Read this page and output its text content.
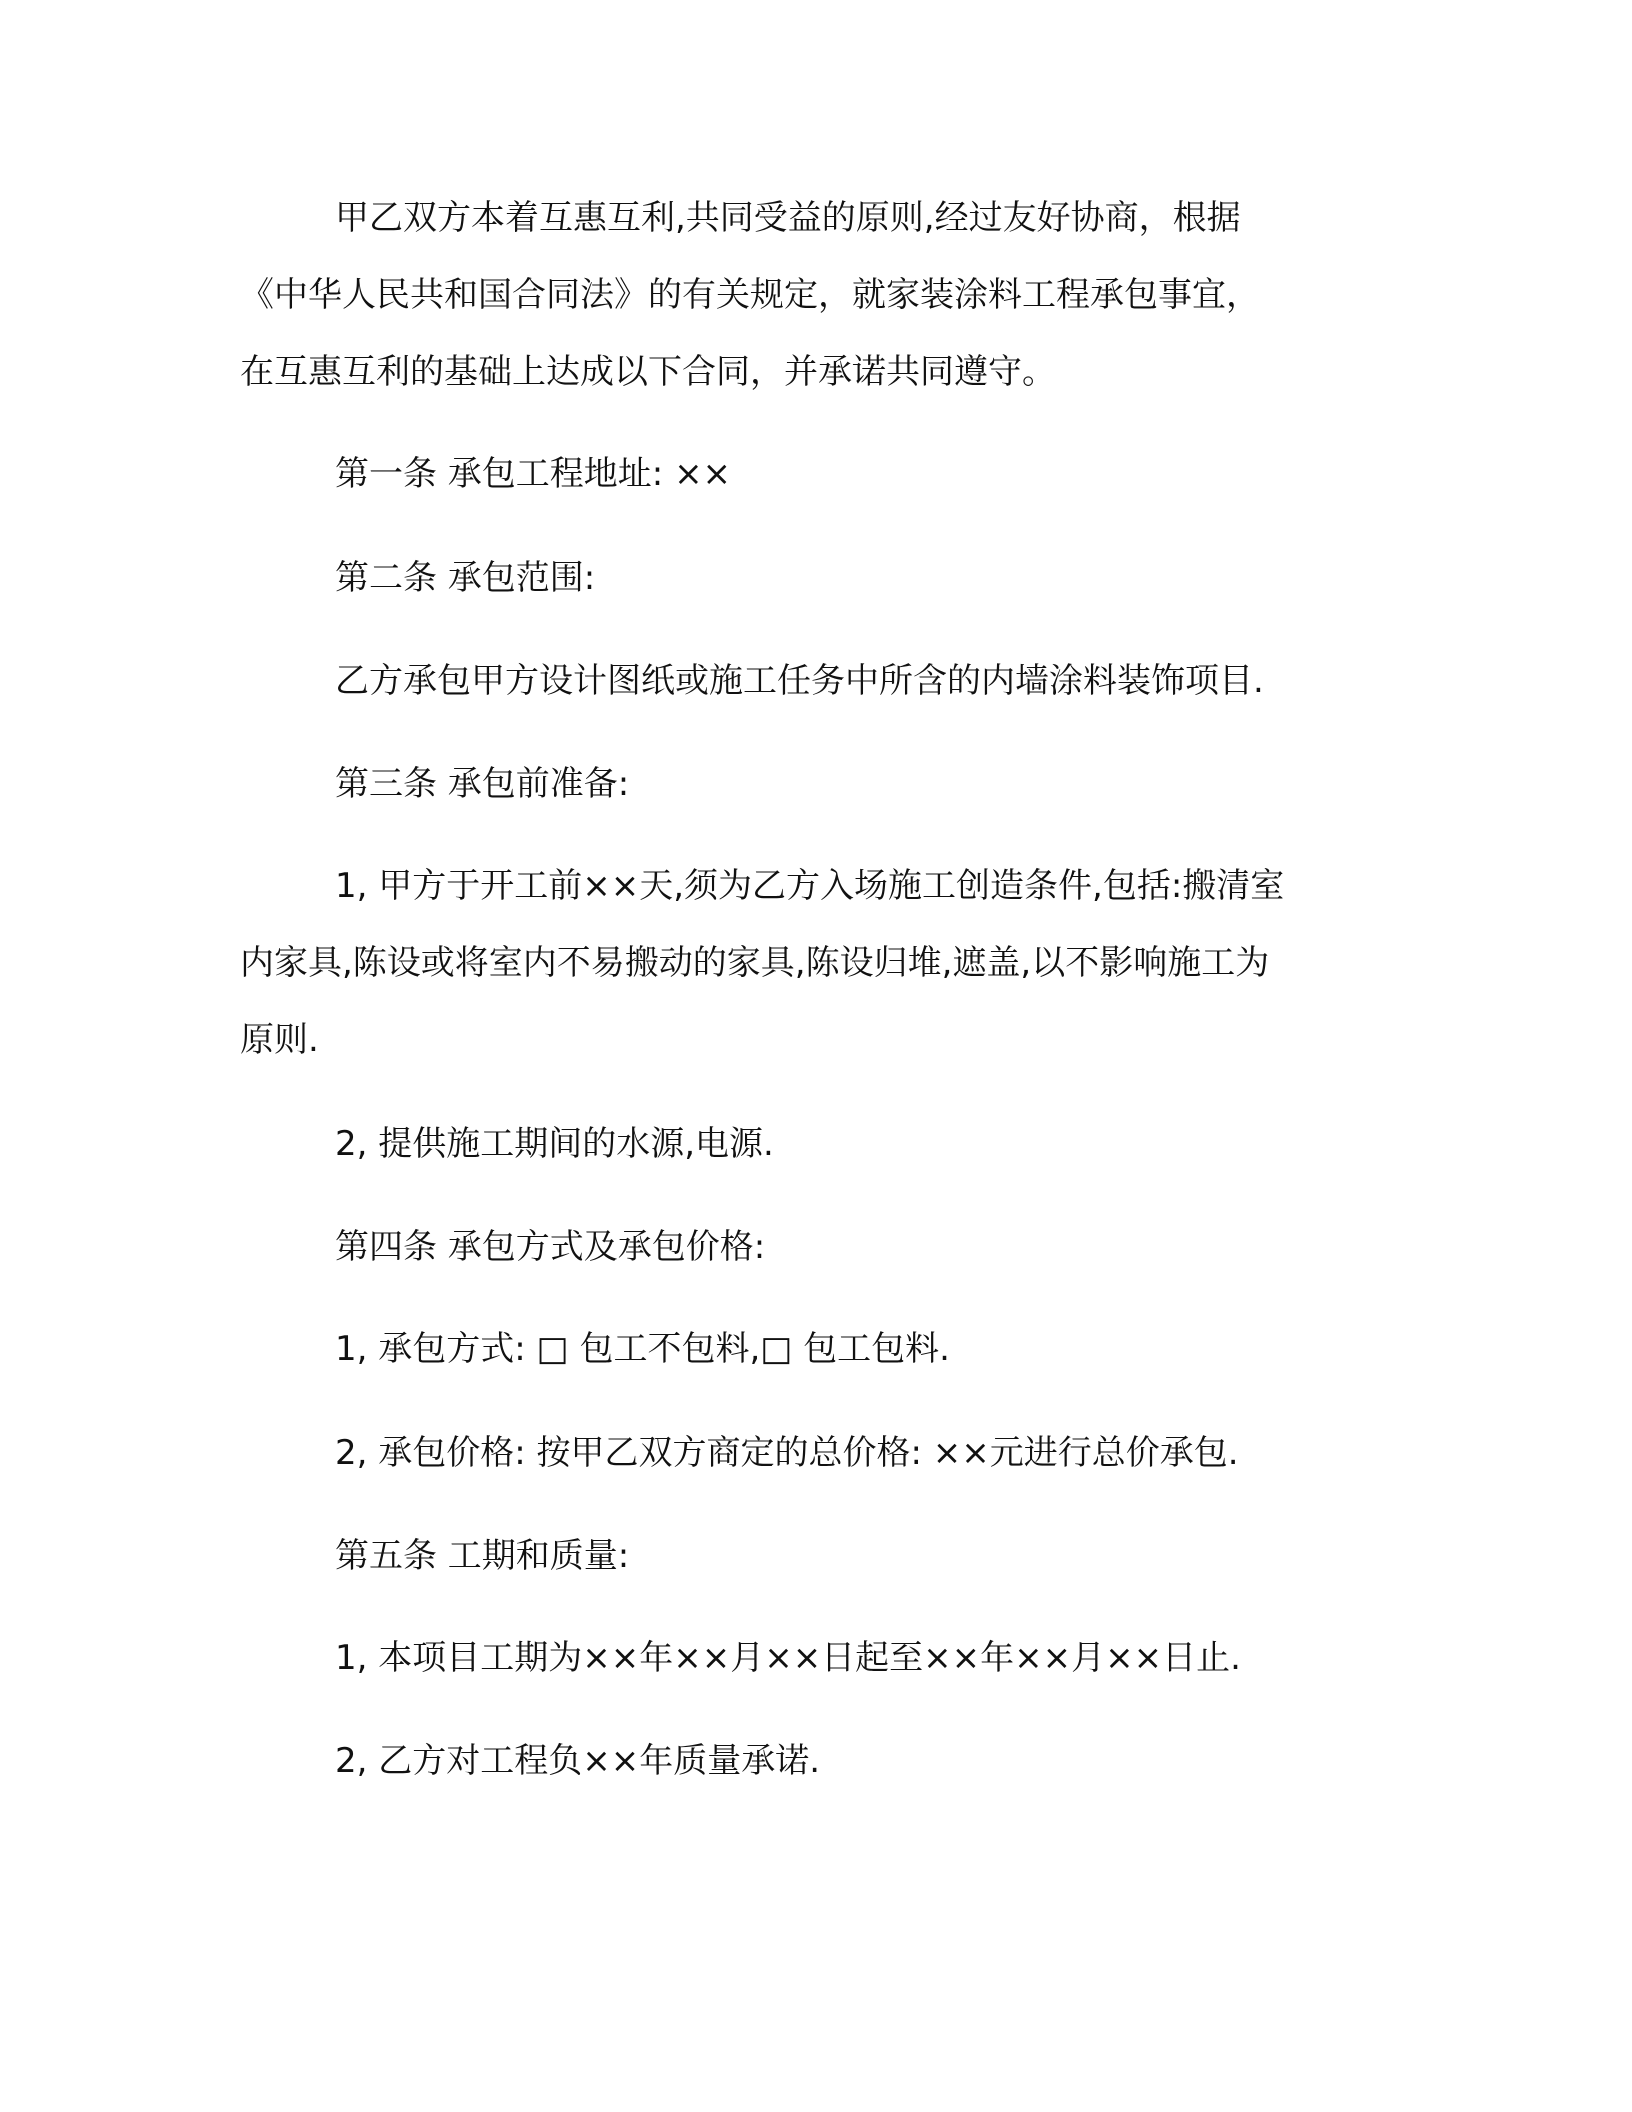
甲乙双方本着互惠互利,共同受益的原则,经过友好协商，根据
《中华人民共和国合同法》的有关规定，就家装涂料工程承包事宜，
在互惠互利的基础上达成以下合同，并承诺共同遵守。

第一条 承包工程地址: ××

第二条 承包范围:

乙方承包甲方设计图纸或施工任务中所含的内墙涂料装饰项目.

第三条 承包前准备:

1, 甲方于开工前××天,须为乙方入场施工创造条件,包括:搬清室
内家具,陈设或将室内不易搬动的家具,陈设归堆,遮盖,以不影响施工为
原则.

2, 提供施工期间的水源,电源.

第四条 承包方式及承包价格:

1, 承包方式: □ 包工不包料,□ 包工包料.

2, 承包价格: 按甲乙双方商定的总价格: ××元进行总价承包.

第五条 工期和质量:

1, 本项目工期为××年××月××日起至××年××月××日止.

2, 乙方对工程负××年质量承诺.
